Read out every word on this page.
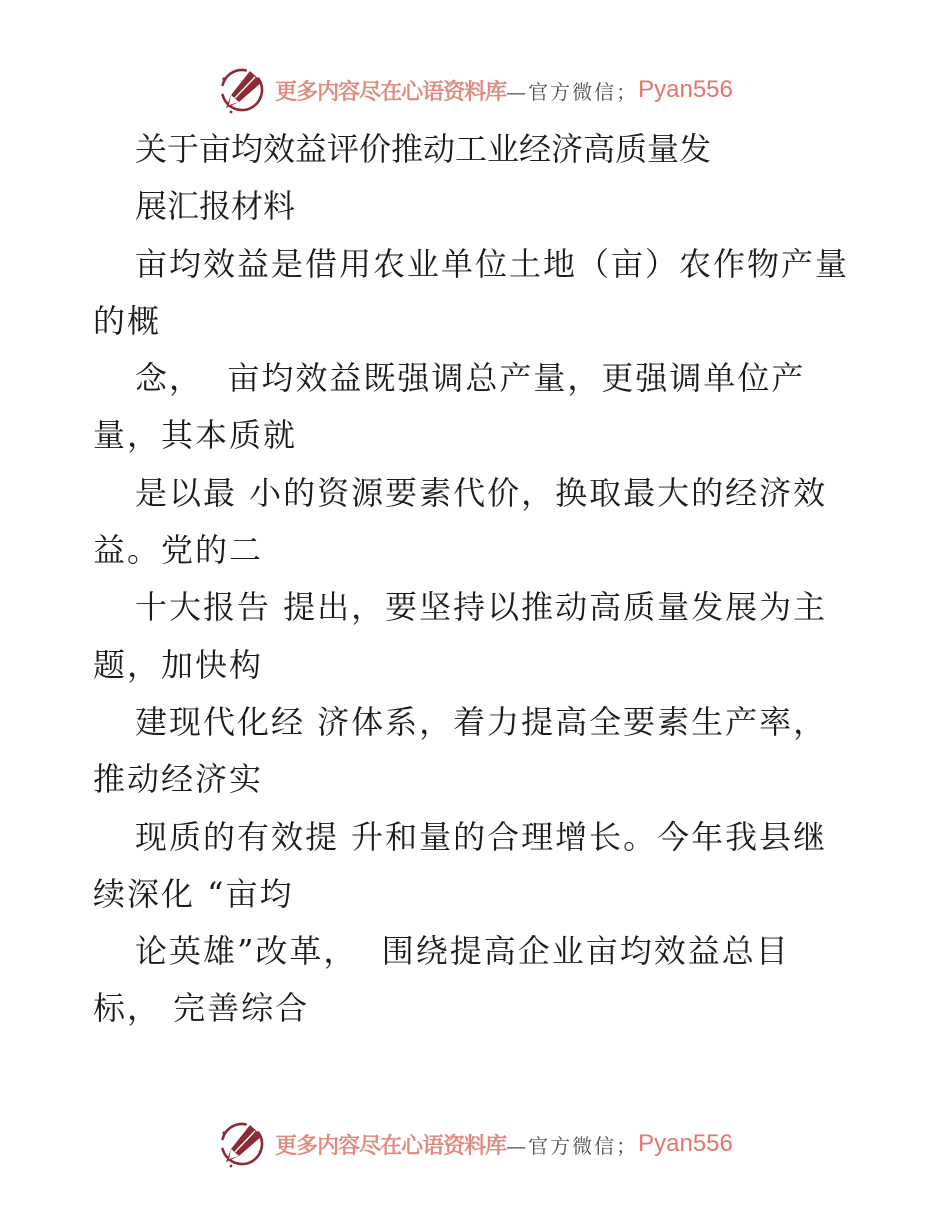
更多内容尽在心语资料库 —官方微信； Pyan556
关于亩均效益评价推动工业经济高质量发
展汇报材料
亩均效益是借用农业单位土地（亩）农作物产量
的概
念，  亩均效益既强调总产量，更强调单位产
量，其本质就
是以最 小的资源要素代价，换取最大的经济效
益。党的二
十大报告 提出，要坚持以推动高质量发展为主
题，加快构
建现代化经 济体系，着力提高全要素生产率，
推动经济实
现质的有效提 升和量的合理增长。今年我县继
续深化 “亩均
论英雄”改革，  围绕提高企业亩均效益总目
标， 完善综合
更多内容尽在心语资料库 —官方微信； Pyan556
